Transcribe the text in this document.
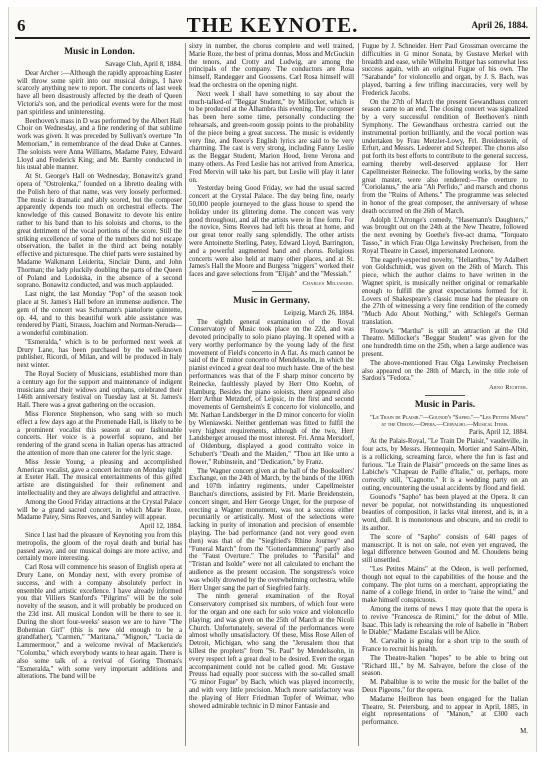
6	THE KEYNOTE.	April 26, 1884.
Music in London.

Savage Club, April 8, 1884.

Dear Archer :—Although the rapidly approaching Easter will throw some spirit into our musical doings, I have scarcely anything new to report. The concerts of last week have all been disastrously affected by the death of Queen Victoria's son, and the periodical events were for the most part spiritless and uninteresting.

Beethoven's mass in D was performed by the Albert Hall Choir on Wednesday, and a fine rendering of that sublime work was given. It was preceded by Sullivan's overture "In Memoriam," in remembrance of the dead Duke at Cannes. The soloists were Anna Williams, Madame Patey, Edward Lloyd and Frederick King; and Mr. Barnby conducted in his usual able manner.

At St. George's Hall on Wednesday, Bonawitz's grand opera of "Ostrolenka," founded on a libretto dealing with the Polish hero of that name, was very loosely performed. The music is dramatic and ably scored, but the composer apparently depends too much on orchestral effects. The knowledge of this caused Bonawitz to devote his entire rather to his band than to his soloists and chorus, to the great detriment of the vocal portions of the score. Still the striking excellence of some of the numbers did not escape observation, the ballet in the third act being notably effective and picturesque. The chief parts were sustained by Madame Walkmann Leiderita, Sinclair Dunn, and John Thorman; the lady pluckily doubling the parts of the Queen of Poland and Lodoiska, in the absence of a second soprano. Bonawitz conducted, and was much applauded.

Last night, the last Monday "Pop" of the season took place at St. James's Hall before an immense audience. The gem of the concert was Schumann's pianoforte quintette, op. 44, and to this beautiful work able assistance was rendered by Piatti, Strauss, Joachim and Norman-Neruda—a wonderful combination.

"Esmeralda," which is to be performed next week at Drury Lane, has been purchased by the well-known publisher, Ricordi, of Milan, and will be produced in Italy next winter.

The Royal Society of Musicians, established more than a century ago for the support and maintenance of indigent musicians and their widows and orphans, celebrated their 146th anniversary festival on Tuesday last at St. James's Hall. There was a great gathering on the occasion.

Miss Florence Stephenson, who sang with so much effect a few days ago at the Promenade Hall, is likely to be a prominent vocalist this season at our fashionable concerts. Her voice is a powerful soprano, and her rendering of the grand scena in Italian operas has attracted the attention of more than one caterer for the lyric stage.

Miss Jessie Young, a pleasing and accomplished American vocalist, gave a concert lecture on Monday night at Exeter Hall. The musical entertainments of this gifted artiste are distinguished for their refinement and intellectuality and they are always delightful and attractive.

Among the Good Friday attractions at the Crystal Palace will be a grand sacred concert, in which Marie Roze, Madame Patey, Sims Reeves, and Santley will appear.

April 12, 1884.

Since I last had the pleasure of Keynoting you from this metropolis, the gloom of the royal death and burial has passed away, and our musical doings are more active, and certainly more interesting.

Carl Rosa will commence his season of English opera at Drury Lane, on Monday next, with every promise of success, and with a company absolutely perfect in ensemble and artistic excellence. I have already informed you that Villiers Stanford's "Pilgrims" will be the sole novelty of the season, and it will probably be produced on the 23d inst. All musical London will be there to see it. During the short four-weeks' season we are to have "The Bohemian Girl" (this is new old enough to be a grandfather), "Carmen," "Maritana," "Mignon," "Lucia de Lammermoor," and a welcome revival of Mackenzie's "Colomba," which everybody wants to hear again. There is also some talk of a revival of Goring Thomas's "Esmeralda," with some very important additions and alterations. The band will be

sixty in number, the chorus complete and well trained, Marie Roze, the best of prima donnas, Moss and McGuckin the tenors, and Crotty and Ludwig, are among the principals of the company. The conductors are Rosa himself, Randegger and Goossens. Carl Rosa himself will lead the orchestra on the opening night.

Next week I shall have something to say about the much-talked-of "Beggar Student," by Millocker, which is to be produced at the Alhambra this evening. The composer has been here some time, personally conducting the rehearsals, and green-room gossip points to the probability of the piece being a great success. The music is evidently very fine, and Reece's English lyrics are said to be very charming. The cast is very strong, including Fanny Leslie as the Beggar Student, Marion Hood, Irene Verona and many others. As Fred Leslie has not arrived from America, Fred Mervin will take his part, but Leslie will play it later on.

Yesterday being Good Friday, we had the usual sacred concert at the Crystal Palace. The day being fine, nearly 50,000 people journeyed to the glass house to spend the holiday under its glittering dome. The concert was very good throughout, and all the artists were in fine form. For the novice, Sims Reeves had left his throat at home, and our great tenor really sang splendidly. The other artists were Antoinette Sterling, Patey, Edward Lloyd, Barrington, and a powerful augmented band and chorus. Religious concerts were also held at many other places, and at St. James's Hall the Moore and Burgess "niggers" worked their faces and gave selections from "Elijah" and the "Messiah."

Charles Millward.

Music in Germany.

Leipzig, March 26, 1884.

The eighth general examination of the Royal Conservatory of Music took place on the 22d, and was devoted principally to solo piano playing. It opened with a very worthy performance by the young lady of the first movement of Field's concerto in A flat. As much cannot be said of the E minor concerto of Mendelssohn, in which the pianist evinced a great deal too much haste. One of the best performances was that of the F sharp minor concerto by Reinecke, faultlessly played by Herr Otto Koehn, of Hamburg. Besides the piano soloists, there appeared also Herr Arthur Metzdorf, of Leipsic, in the first and second movements of Gernsheim's E concerto for violoncello, and Mr. Nathan Landsberger in the D minor concerto for violin by Wieniawski. Neither gentleman was fitted to fulfil the very highest requirements, although of the two, Herr Landsberger aroused the most interest. Fri. Anna Mersdorf, of Oldenburg, displayed a good contralto voice in Schubert's "Death and the Maiden," "Thou art like unto a flower," Rubinstein, and "Dedication," by Franz.

The Wagner concert given at the hall of the Booksellers' Exchange, on the 24th of March, by the bands of the 106th and 107th infantry regiments, under Capellmeister Bauchau's directions, assisted by Frl. Marie Breidenstein, concert singer, and Herr George Unger, for the purpose of erecting a Wagner monument, was not a success either pecuniarily or artistically. Most of the selections were lacking in purity of intonation and precision of ensemble playing. The bad performance (and not very good even then) was that of the "Siegfried's Rhine Journey" and "Funeral March" from the "Gotterdammerung" partly also the "Faust Overture." The preludes to "Parsifal" and "Tristan and Isolde" were not all calculated to enchant the audience as the present occasion. The songstress's voice was wholly drowned by the overwhelming orchestra, while Herr Unger sang the part of Siegfried fairly.

The ninth general examination of the Royal Conservatory comprised six numbers, of which four were for the organ and one each for solo voice and violoncello playing; and was given on the 25th of March at the Nicoli Church. Unfortunately, several of the performances were almost wholly unsatisfactory. Of these, Miss Rose Allen of Detroit, Michigan, who sang the "Jerusalem thou that killest the prophets" from "St. Paul" by Mendelssohn, in every respect left a great deal to be desired. Even the organ accompaniment could not be called good. Mr. Gustave Preuss had equally poor success with the so-called small "G minor Fugue" by Bach, which was played incorrectly, and with very little precision. Much more satisfactory was the playing of Herr Friedman Topfer of Weimar, who showed admirable technic in D minor Fantasie and

Fugue by J. Schneider. Herr Paul Grossman overcame the difficulties in G minor Sonata, by Gustave Merkel with breadth and ease, while Wilhelm Rottger has somewhat less success again, with an original Fugue of his own. The "Sarabande" for violoncello and organ, by J. S. Bach, was played, barring a few trifling inaccuracies, very well by Frederick Jacobs.

On the 27th of March the present Gewandhaus concert season came to an end. The closing concert was signalized by a very successful rendition of Beethoven's ninth Symphony. The Gewandhaus orchestra carried out the instrumental portion brilliantly, and the vocal portion was undertaken by Frau Metzler-Lowy, Frl. Breidenstein, of Erfurt, and Messrs. Ledeerer and Schrøper. The chorus also put forth its best efforts to contribute to the general success, earning thereby well-deserved applause for Herr Capellmeister Reinecke. The following works, by the same great master, were also rendered:—The overture to "Coriolanus," the aria "Ah Perfido," and marsch and chorus from the "Ruins of Athens." The programme was selected in honor of the great composer, the anniversary of whose death occurred on the 26th of March.

Adolph L'Arronge's comedy, "Hasemann's Daughters," was brought out on the 24th at the New Theatre, followed the next evening by Goethe's five-act drama, "Torquato Tasso," in which Frau Olga Lewinsky Precheisen, from the Royal Theatre in Cassel, impersonated Leonore.

The eagerly-expected novelty, "Heliantbus," by Adalbert von Goldschmidt, was given on the 26th of March. This piece, which the author claims to have written in the Wagner spirit, is musically neither original or remarkable enough to fulfill the great expectations formed for it. Lovers of Shakespeare's classic muse had the pleasure on the 27th of witnessing a very fine rendition of the comedy "Much Ado About Nothing," with Schlegel's German translation.

Flotow's "Martha" is still an attraction at the Old Theatre. Millocker's "Beggar Student" was given for the one hundredth time on the 25th, when a large audience was present.

The above-mentioned Frau Olga Lewinsky Precheisen also appeared on the 28th of March, in the title role of Sardou's "Fedora."

Arno Richter.

Music in Paris.

"Le Train de Plaisir."—Gounod's "Sapho."—"Les Petites Mains" at the Odeon.—Opera.—Cervalho.—Musical Items.

Paris, April 12, 1884.

At the Palais-Royal, "Le Train De Plaisir," vaudeville, in four acts, by Messrs. Hennequin, Mortier and Saint-Albin, is a rollicking, screaming farce, where the fun is fast and furious. "Le Train de Plaisir" proceeds on the same lines as Labiche's "Chapeau de Paille d'Italie," or, perhaps, more correctly still, "Cagnotte." It is a wedding party on an outing, encountering the usual accidents by flood and field.

Gounod's "Sapho" has been played at the Opera. It can never be popular, not notwithstanding its unquestioned beauties of composition, it lacks vital interest, and is, in a word, dull. It is monotonous and obscure, and no credit to its author.

The score of "Sapho" consists of 640 pages of manuscript. It is not on sale, not even yet engraved, the legal difference between Gounod and M. Choudens being still unsettled.

"Les Petites Mains" at the Odeon, is well performed, though not equal to the capabilities of the house and the company. The plot turns on a merchant, appropriating the name of a college friend, in order to "raise the wind," and make himself conspicuous.

Among the items of news I may quote that the opera is to revive "Francesca de Rimini," for the debut of Mlle. Isaac. This lady is rehearsing the role of Isabelle in "Robert le Diable;" Madame Escalais will be Alice.

M. Carvalho is going for a short trip to the south of France to recruit his health.

The Theatre-Italien "hopes" to be able to bring out "Richard III.," by M. Salvayre, before the close of the season.

M. Pabalblue is to write the music for the ballet of the Deux Pigeons," for the opera.

Madame Heilbron has been engaged for the Italian Theatre, St. Petersburg, and to appear in April, 1885, in eight representations of "Manon," at £300 each performance.

M.
